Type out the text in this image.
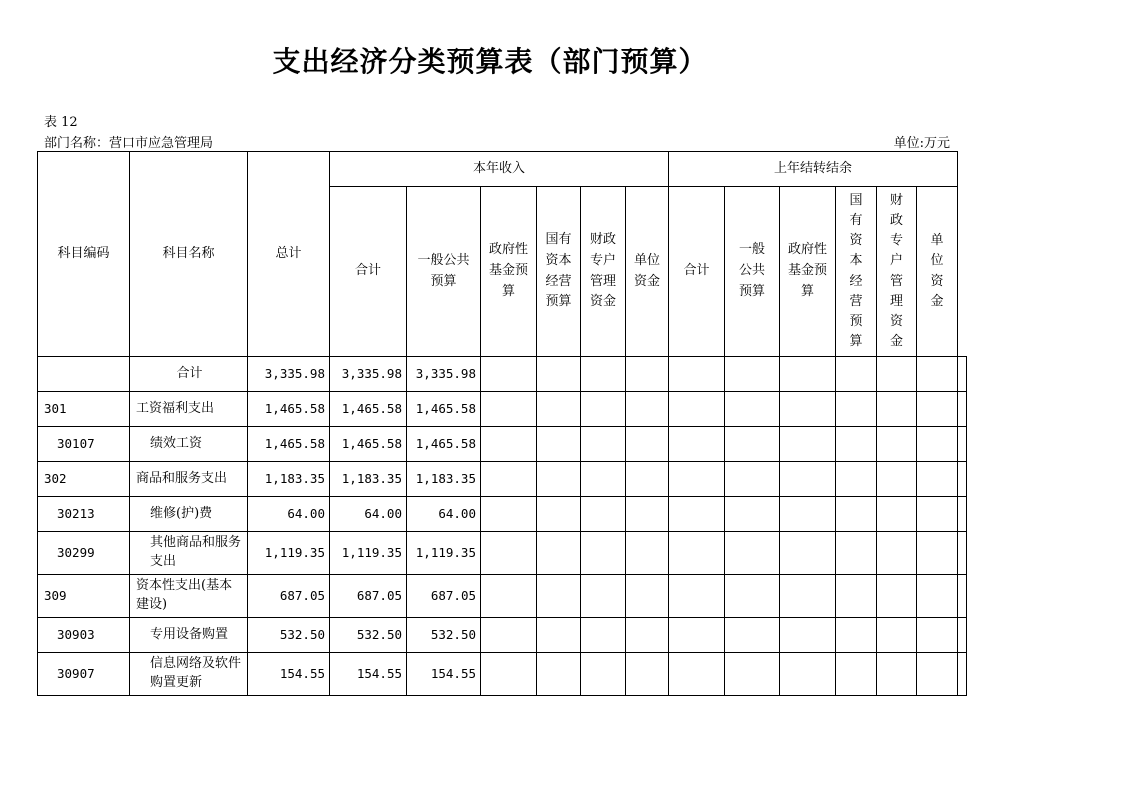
支出经济分类预算表（部门预算）
表 12
部门名称：营口市应急管理局	单位:万元
科目编码	科目名称	总计	本年收入						上年结转结余						
			合计	一般公共预算	政府性基金预算	国有资本经营预算	财政专户管理资金	单位资金	合计	一般公共预算	政府性基金预算	国有资本经营预算	财政专户管理资金	单位资金	
	合计	3,335.98	3,335.98	3,335.98											
301	工资福利支出	1,465.58	1,465.58	1,465.58											
30107	绩效工资	1,465.58	1,465.58	1,465.58											
302	商品和服务支出	1,183.35	1,183.35	1,183.35											
30213	维修(护)费	64.00	64.00	64.00											
30299	其他商品和服务支出	1,119.35	1,119.35	1,119.35											
309	资本性支出(基本建设)	687.05	687.05	687.05											
30903	专用设备购置	532.50	532.50	532.50											
30907	信息网络及软件购置更新	154.55	154.55	154.55											
